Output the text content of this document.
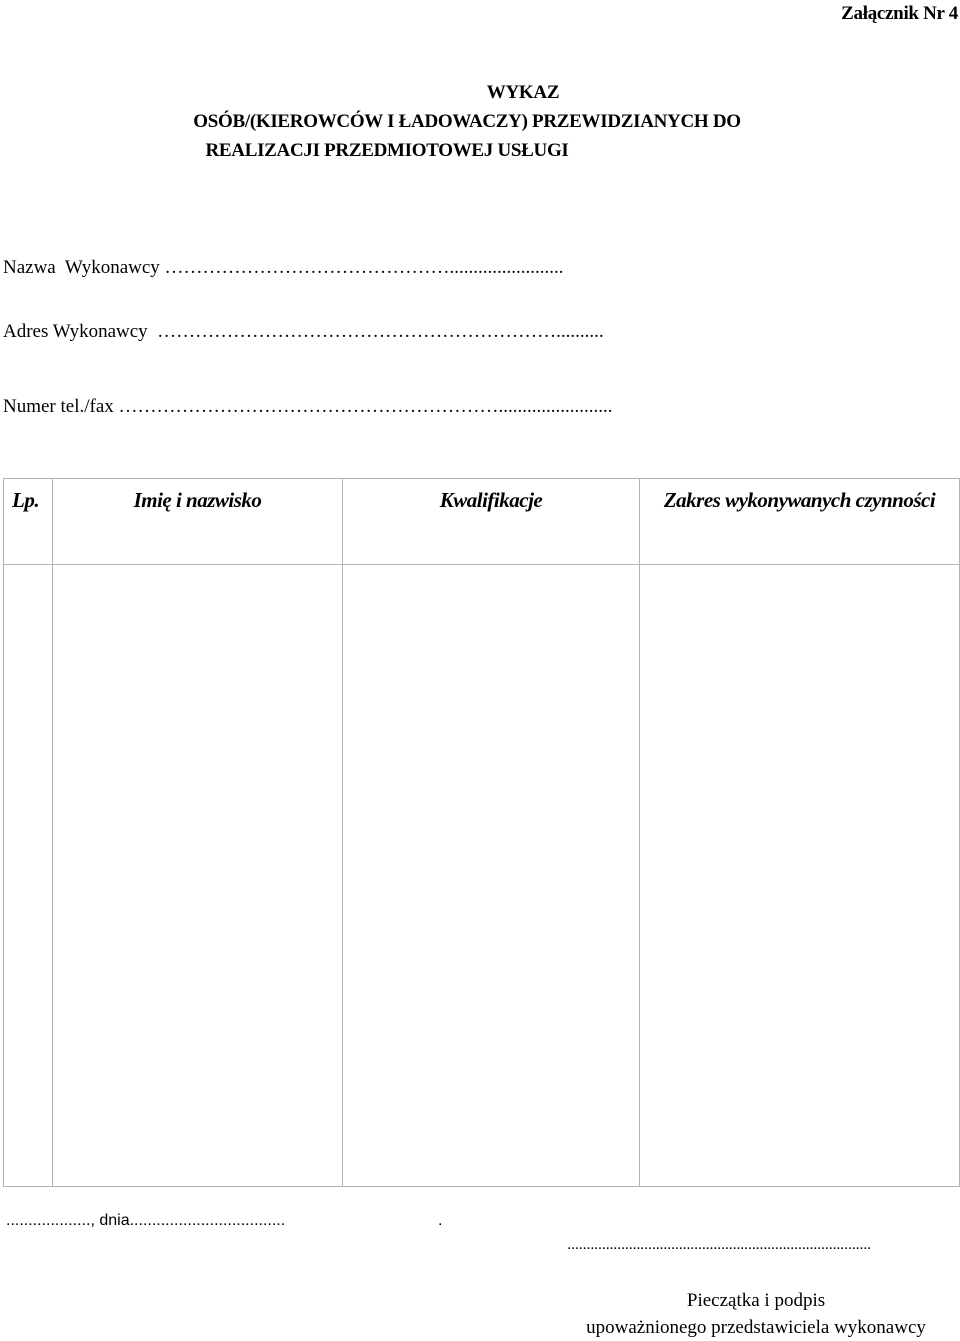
Załącznik Nr 4
WYKAZ
OSÓB/(KIEROWCÓW I ŁADOWACZY) PRZEWIDZIANYCH DO
REALIZACJI PRZEDMIOTOWEJ USŁUGI
Nazwa  Wykonawcy ………………………………………........................
Adres Wykonawcy  ………………………………………………………..........
Numer tel./fax ……………………………………………………........................
Lp.	Imię i nazwisko	Kwalifikacje	Zakres wykonywanych czynności

..................., dnia...................................	.
...............................................................................
Pieczątka i podpis
upoważnionego przedstawiciela wykonawcy
